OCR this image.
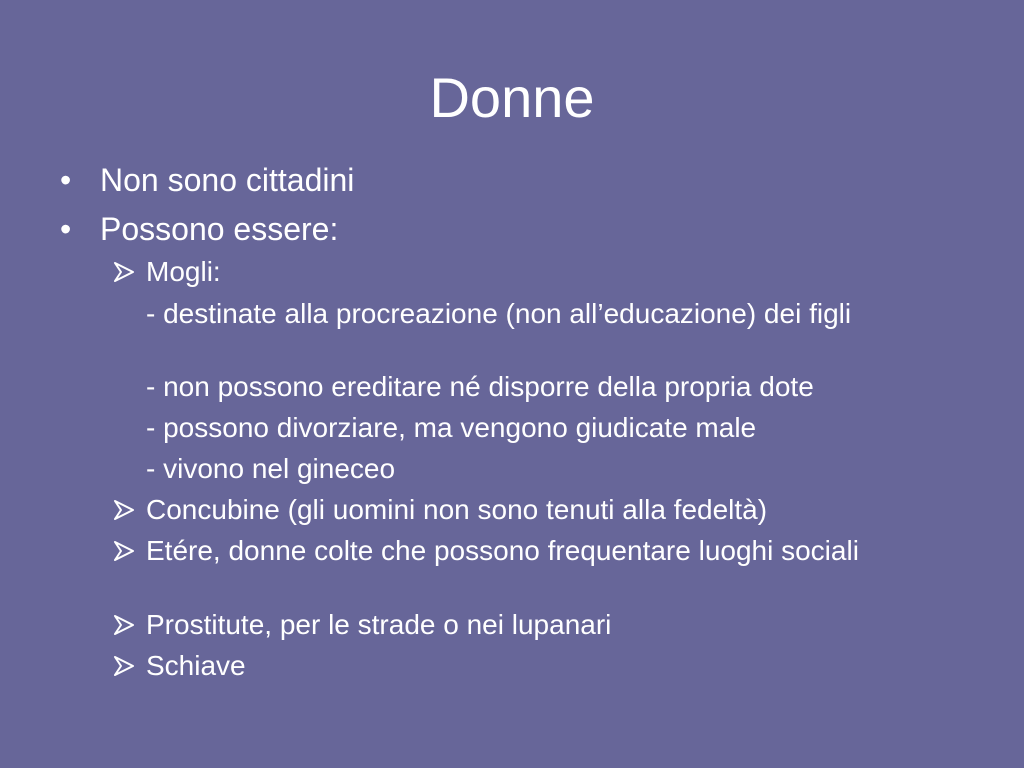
Donne
• Non sono cittadini
• Possono essere:
Mogli:
- destinate alla procreazione (non all’educazione) dei figli
- non possono ereditare né disporre della propria dote
- possono divorziare, ma vengono giudicate male
- vivono nel gineceo
Concubine (gli uomini non sono tenuti alla fedeltà)
Etére, donne colte che possono frequentare luoghi sociali
Prostitute, per le strade o nei lupanari
Schiave
